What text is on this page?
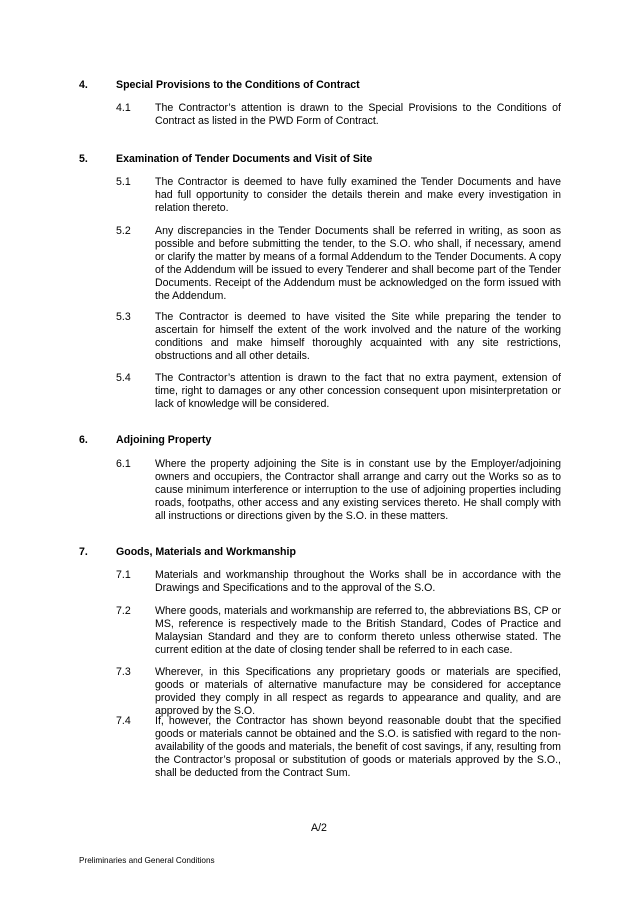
4.	Special Provisions to the Conditions of Contract
4.1 The Contractor’s attention is drawn to the Special Provisions to the Conditions of Contract as listed in the PWD Form of Contract.

5.	Examination of Tender Documents and Visit of Site
5.1 The Contractor is deemed to have fully examined the Tender Documents and have had full opportunity to consider the details therein and make every investigation in relation thereto.

5.2 Any discrepancies in the Tender Documents shall be referred in writing, as soon as possible and before submitting the tender, to the S.O. who shall, if necessary, amend or clarify the matter by means of a formal Addendum to the Tender Documents. A copy of the Addendum will be issued to every Tenderer and shall become part of the Tender Documents. Receipt of the Addendum must be acknowledged on the form issued with the Addendum.

5.3 The Contractor is deemed to have visited the Site while preparing the tender to ascertain for himself the extent of the work involved and the nature of the working conditions and make himself thoroughly acquainted with any site restrictions, obstructions and all other details.

5.4 The Contractor’s attention is drawn to the fact that no extra payment, extension of time, right to damages or any other concession consequent upon misinterpretation or lack of knowledge will be considered.

6.	Adjoining Property
6.1 Where the property adjoining the Site is in constant use by the Employer/adjoining owners and occupiers, the Contractor shall arrange and carry out the Works so as to cause minimum interference or interruption to the use of adjoining properties including roads, footpaths, other access and any existing services thereto. He shall comply with all instructions or directions given by the S.O. in these matters.

7.	Goods, Materials and Workmanship
7.1 Materials and workmanship throughout the Works shall be in accordance with the Drawings and Specifications and to the approval of the S.O.

7.2 Where goods, materials and workmanship are referred to, the abbreviations BS, CP or MS, reference is respectively made to the British Standard, Codes of Practice and Malaysian Standard and they are to conform thereto unless otherwise stated. The current edition at the date of closing tender shall be referred to in each case.

7.3 Wherever, in this Specifications any proprietary goods or materials are specified, goods or materials of alternative manufacture may be considered for acceptance provided they comply in all respect as regards to appearance and quality, and are approved by the S.O.

7.4 If, however, the Contractor has shown beyond reasonable doubt that the specified goods or materials cannot be obtained and the S.O. is satisfied with regard to the non-availability of the goods and materials, the benefit of cost savings, if any, resulting from the Contractor’s proposal or substitution of goods or materials approved by the S.O., shall be deducted from the Contract Sum.

A/2
Preliminaries and General Conditions
